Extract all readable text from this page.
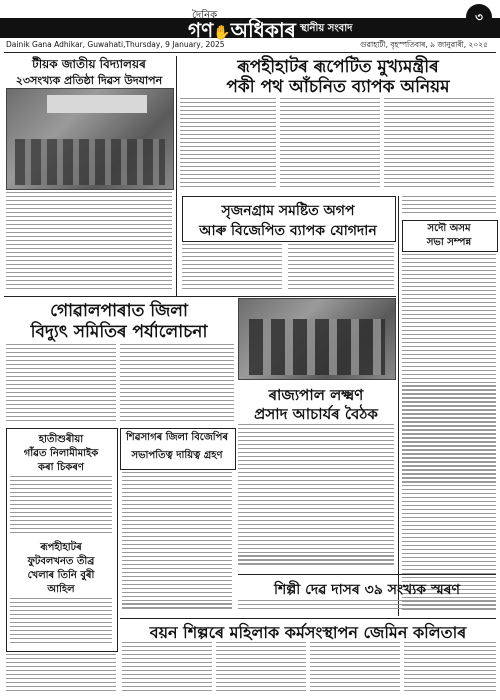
দৈনিক
গণ✋অধিকাৰ স্থানীয় সংবাদ
৩
Dainik Gana Adhikar, Guwahati,Thursday, 9 January, 2025	গুৱাহাটী, বৃহস্পতিবাৰ, ৯ জানুৱাৰী, ২০২৫
টীয়ক জাতীয় বিদ্যালয়ৰ
২৩সংখ্যক প্ৰতিষ্ঠা দিৱস উদযাপন
ৰূপহীহাটৰ ৰূপেটিত মুখ্যমন্ত্ৰীৰ
পকী পথ আঁচনিত ব্যাপক অনিয়ম
সৃজনগ্ৰাম সমষ্টিত অগপ
আৰু বিজেপিত ব্যাপক যোগদান	সদৌ অসম
সভা সম্পন্ন
গোৱালপাৰাত জিলা
বিদ্যুৎ সমিতিৰ পৰ্যালোচনা
ৰাজ্যপাল লক্ষ্মণ
প্ৰসাদ আচাৰ্যৰ বৈঠক
হাতীশুৰীয়া
গাঁৱত নিলামীমাইক
কৰা চিকৰণ
ৰূপহীহাটৰ
ফুটবলখনত তীব্ৰ
খেলাৰ তিনি বুৰী
আহিল
শিৱসাগৰ জিলা বিজেপিৰ
সভাপতিত্ব দায়িত্ব গ্ৰহণ
শিল্পী দেৱ দাসৰ ৩৯ সংখ্যক স্মৰণ
বয়ন শিল্পৰে মহিলাক কৰ্মসংস্থাপন জেমিন কলিতাৰ
